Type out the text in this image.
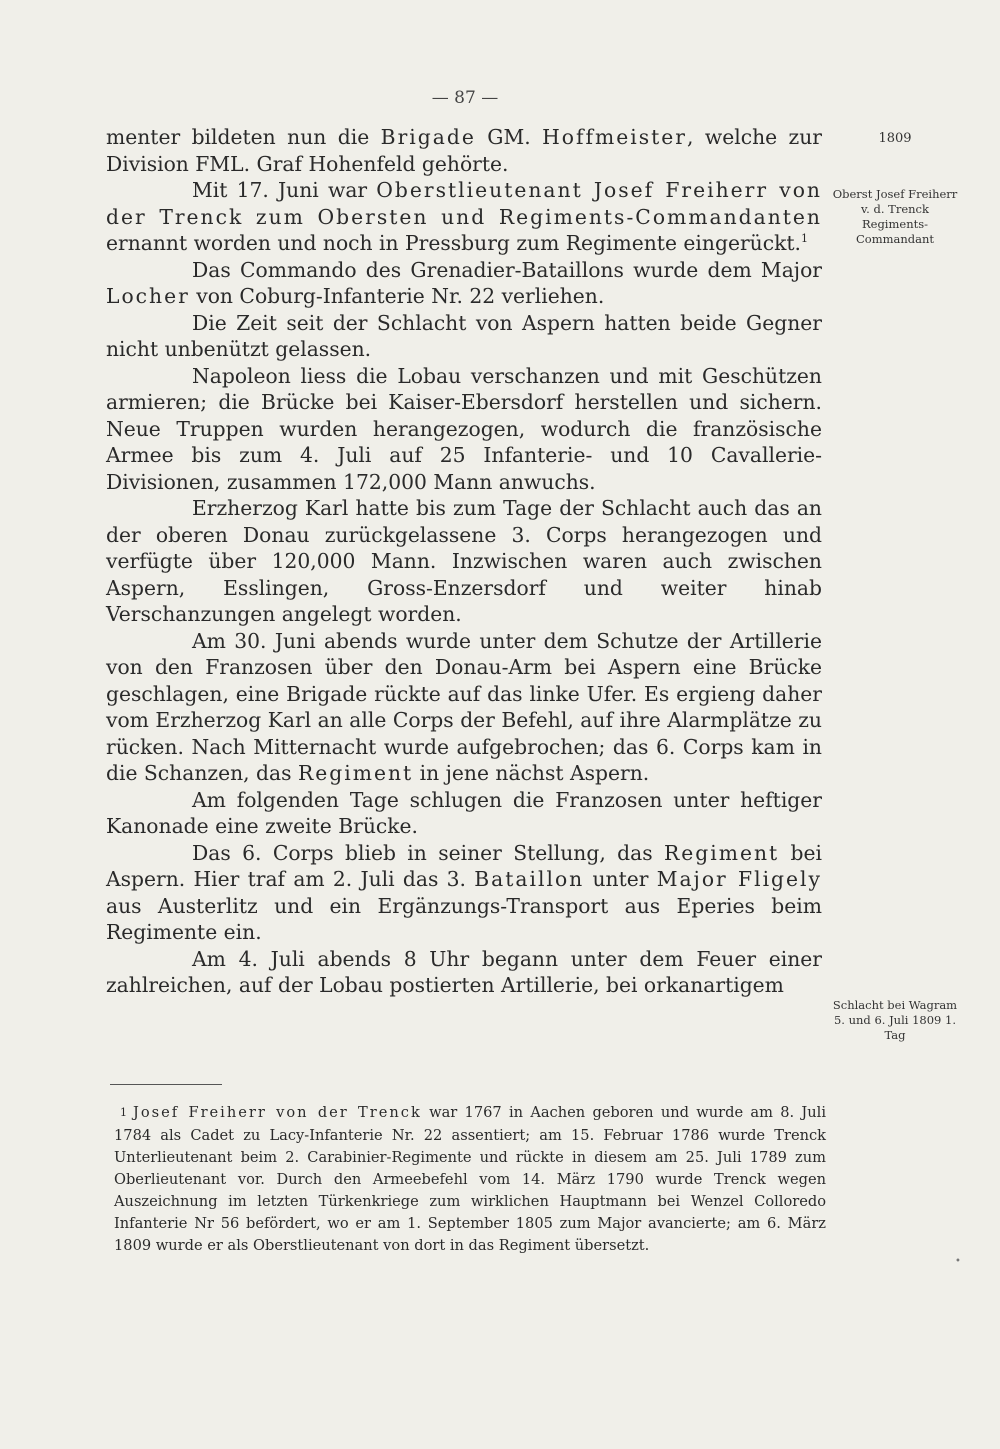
— 87 —
1809
Oberst Josef Freiherr v. d. Trenck Regiments-Commandant
Schlacht bei Wagram 5. und 6. Juli 1809 1. Tag

menter bildeten nun die Brigade GM. Hoffmeister, welche zur Division FML. Graf Hohenfeld gehörte.

Mit 17. Juni war Oberstlieutenant Josef Freiherr von der Trenck zum Obersten und Regiments-Commandanten ernannt worden und noch in Pressburg zum Regimente eingerückt.$^1$

Das Commando des Grenadier-Bataillons wurde dem Major Locher von Coburg-Infanterie Nr. 22 verliehen.

Die Zeit seit der Schlacht von Aspern hatten beide Gegner nicht unbenützt gelassen.

Napoleon liess die Lobau verschanzen und mit Geschützen armieren; die Brücke bei Kaiser-Ebersdorf herstellen und sichern. Neue Truppen wurden herangezogen, wodurch die französische Armee bis zum 4. Juli auf 25 Infanterie- und 10 Cavallerie-Divisionen, zusammen 172,000 Mann anwuchs.

Erzherzog Karl hatte bis zum Tage der Schlacht auch das an der oberen Donau zurückgelassene 3. Corps herangezogen und verfügte über 120,000 Mann. Inzwischen waren auch zwischen Aspern, Esslingen, Gross-Enzersdorf und weiter hinab Verschanzungen angelegt worden.

Am 30. Juni abends wurde unter dem Schutze der Artillerie von den Franzosen über den Donau-Arm bei Aspern eine Brücke geschlagen, eine Brigade rückte auf das linke Ufer. Es ergieng daher vom Erzherzog Karl an alle Corps der Befehl, auf ihre Alarmplätze zu rücken. Nach Mitternacht wurde aufgebrochen; das 6. Corps kam in die Schanzen, das Regiment in jene nächst Aspern.

Am folgenden Tage schlugen die Franzosen unter heftiger Kanonade eine zweite Brücke.

Das 6. Corps blieb in seiner Stellung, das Regiment bei Aspern. Hier traf am 2. Juli das 3. Bataillon unter Major Fligely aus Austerlitz und ein Ergänzungs-Transport aus Eperies beim Regimente ein.

Am 4. Juli abends 8 Uhr begann unter dem Feuer einer zahlreichen, auf der Lobau postierten Artillerie, bei orkanartigem

1 Josef Freiherr von der Trenck war 1767 in Aachen geboren und wurde am 8. Juli 1784 als Cadet zu Lacy-Infanterie Nr. 22 assentiert; am 15. Februar 1786 wurde Trenck Unterlieutenant beim 2. Carabinier-Regimente und rückte in diesem am 25. Juli 1789 zum Oberlieutenant vor. Durch den Armeebefehl vom 14. März 1790 wurde Trenck wegen Auszeichnung im letzten Türkenkriege zum wirklichen Hauptmann bei Wenzel Colloredo Infanterie Nr 56 befördert, wo er am 1. September 1805 zum Major avancierte; am 6. März 1809 wurde er als Oberstlieutenant von dort in das Regiment übersetzt.

•
